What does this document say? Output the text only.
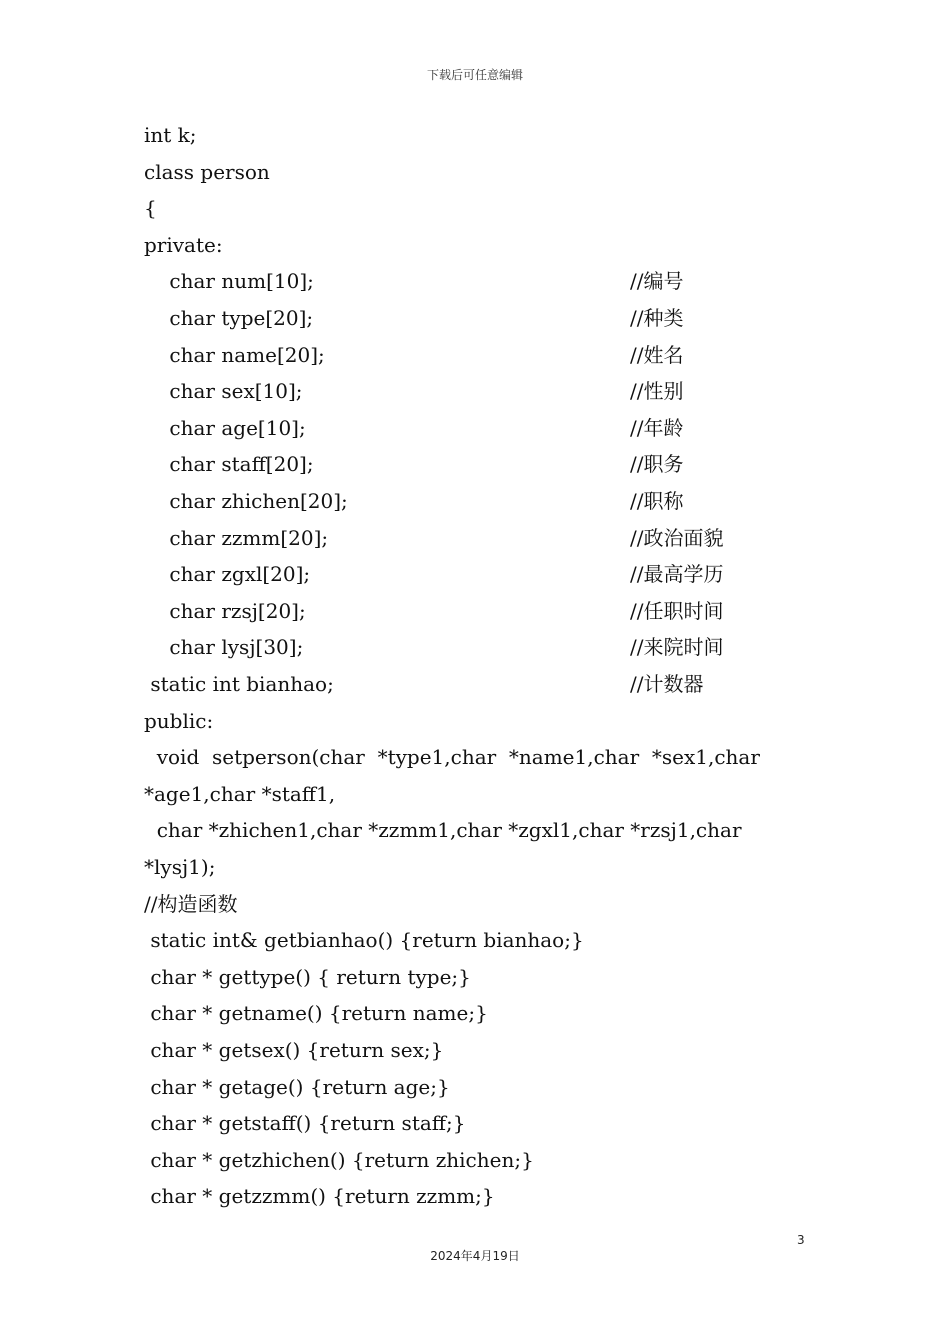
下载后可任意编辑
int k;
class person
{
private:
char num[10];	//编号
char type[20];	//种类
char name[20];	//姓名
char sex[10];	//性别
char age[10];	//年龄
char staff[20];	//职务
char zhichen[20];	//职称
char zzmm[20];	//政治面貌
char zgxl[20];	//最高学历
char rzsj[20];	//任职时间
char lysj[30];	//来院时间
static int bianhao;	//计数器
public:
void  setperson(char  *type1,char  *name1,char  *sex1,char
*age1,char *staff1,
char *zhichen1,char *zzmm1,char *zgxl1,char *rzsj1,char
*lysj1);
//构造函数
static int& getbianhao() {return bianhao;}
char * gettype() { return type;}
char * getname() {return name;}
char * getsex() {return sex;}
char * getage() {return age;}
char * getstaff() {return staff;}
char * getzhichen() {return zhichen;}
char * getzzmm() {return zzmm;}
3
2024年4月19日
